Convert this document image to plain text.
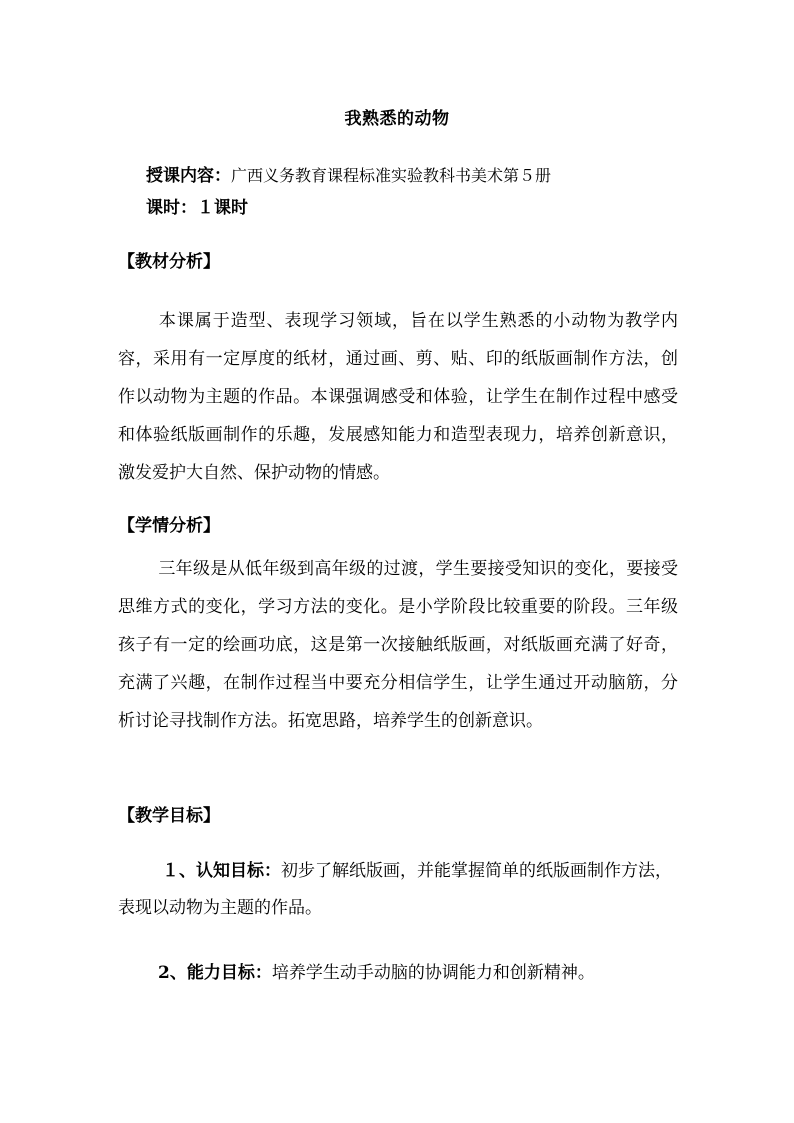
我熟悉的动物
授课内容：广西义务教育课程标准实验教科书美术第５册
课时：１课时
【教材分析】
本课属于造型、表现学习领域，旨在以学生熟悉的小动物为教学内容，采用有一定厚度的纸材，通过画、剪、贴、印的纸版画制作方法，创作以动物为主题的作品。本课强调感受和体验，让学生在制作过程中感受和体验纸版画制作的乐趣，发展感知能力和造型表现力，培养创新意识，激发爱护大自然、保护动物的情感。
【学情分析】
三年级是从低年级到高年级的过渡，学生要接受知识的变化，要接受思维方式的变化，学习方法的变化。是小学阶段比较重要的阶段。三年级孩子有一定的绘画功底，这是第一次接触纸版画，对纸版画充满了好奇，充满了兴趣，在制作过程当中要充分相信学生，让学生通过开动脑筋，分析讨论寻找制作方法。拓宽思路，培养学生的创新意识。
【教学目标】
１、认知目标：初步了解纸版画，并能掌握简单的纸版画制作方法，表现以动物为主题的作品。
2、能力目标：培养学生动手动脑的协调能力和创新精神。
